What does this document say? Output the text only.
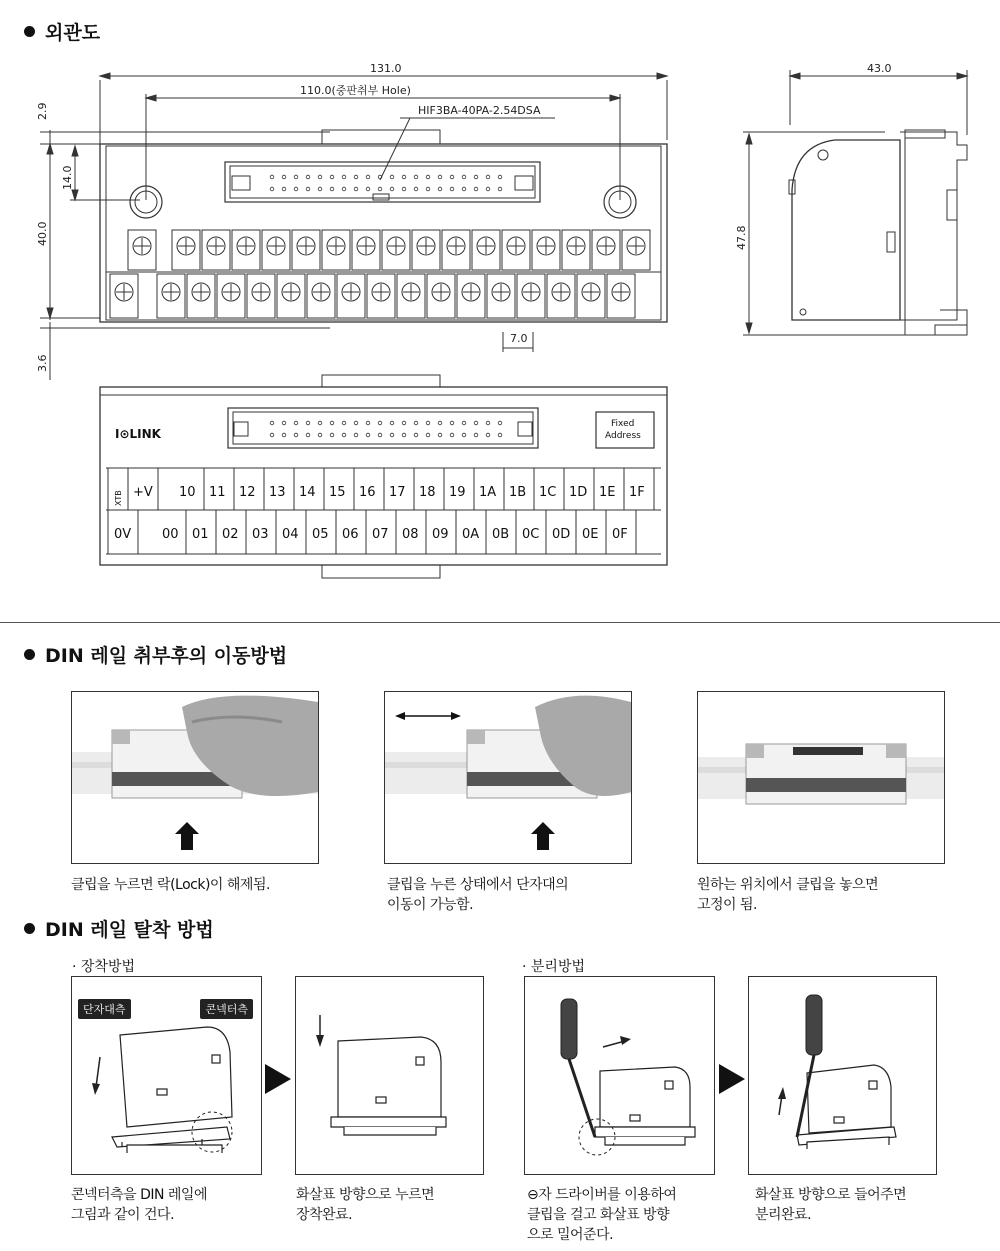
외관도
131.0
110.0(중판취부 Hole)
HIF3BA-40PA-2.54DSA
7.0
2.9
14.0
40.0
3.6
I⊙LINK
Fixed
Address
XTB +V 10 11 12 13 14 15 16 17 18 19 1A 1B 1C 1D 1E 1F
0V 00 01 02 03 04 05 06 07 08 09 0A 0B 0C 0D 0E 0F
43.0
47.8
DIN 레일 취부후의 이동방법
클립을 누르면 락(Lock)이 해제됨.	클립을 누른 상태에서 단자대의
이동이 가능함.
원하는 위치에서 클립을 놓으면
고정이 됨.
DIN 레일 탈착 방법
· 장착방법	· 분리방법
단자대측	콘넥터측
콘넥터측을 DIN 레일에
그림과 같이 건다.
화살표 방향으로 누르면
장착완료.
⊖자 드라이버를 이용하여
클립을 걸고 화살표 방향
으로 밀어준다.
화살표 방향으로 들어주면
분리완료.
